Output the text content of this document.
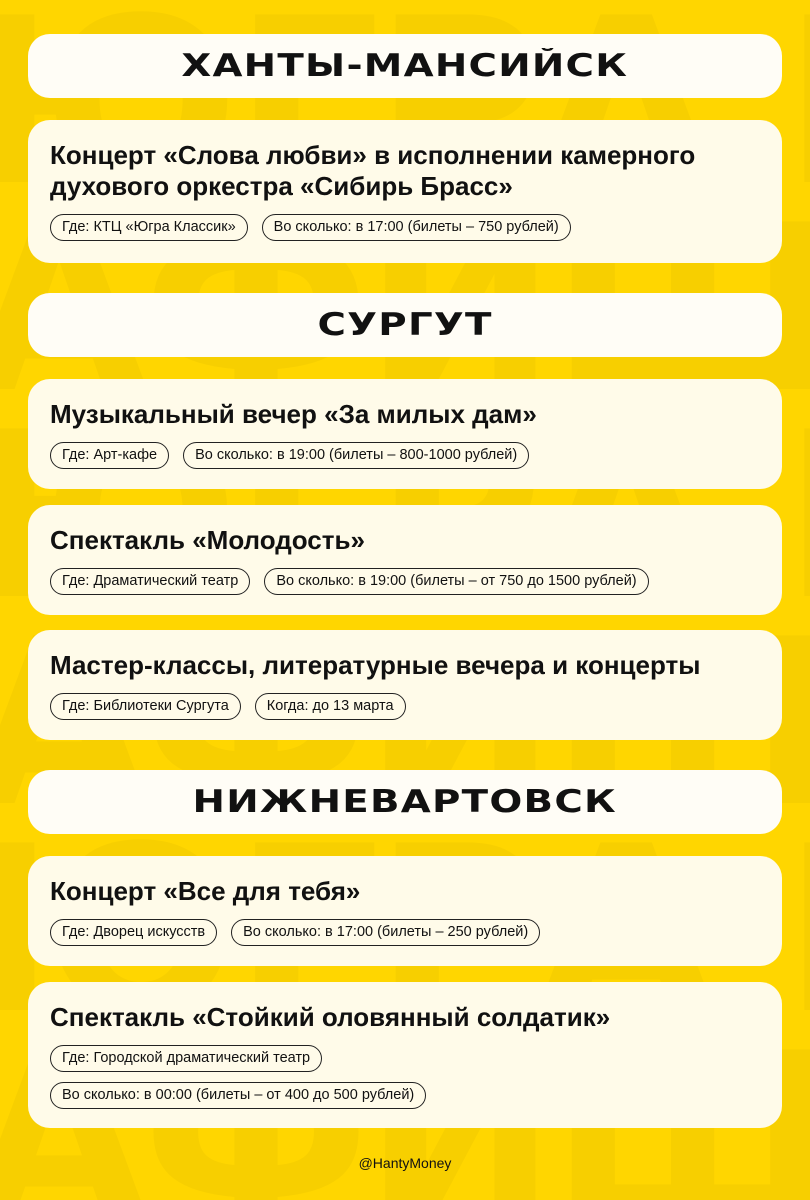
ХАНТЫ-МАНСИЙСК
Концерт «Слова любви» в исполнении камерного духового оркестра «Сибирь Брасс»
Где: КТЦ «Югра Классик»	Во сколько: в 17:00 (билеты – 750 рублей)
СУРГУТ
Музыкальный вечер «За милых дам»
Где: Арт-кафе	Во сколько: в 19:00 (билеты – 800-1000 рублей)
Спектакль «Молодость»
Где: Драматический театр	Во сколько: в 19:00 (билеты – от 750 до 1500 рублей)
Мастер-классы, литературные вечера и концерты
Где: Библиотеки Сургута	Когда: до 13 марта
НИЖНЕВАРТОВСК
Концерт «Все для тебя»
Где: Дворец искусств	Во сколько: в 17:00 (билеты – 250 рублей)
Спектакль «Стойкий оловянный солдатик»
Где: Городской драматический театр
Во сколько: в 00:00 (билеты – от 400 до 500 рублей)
@HantyMoney
